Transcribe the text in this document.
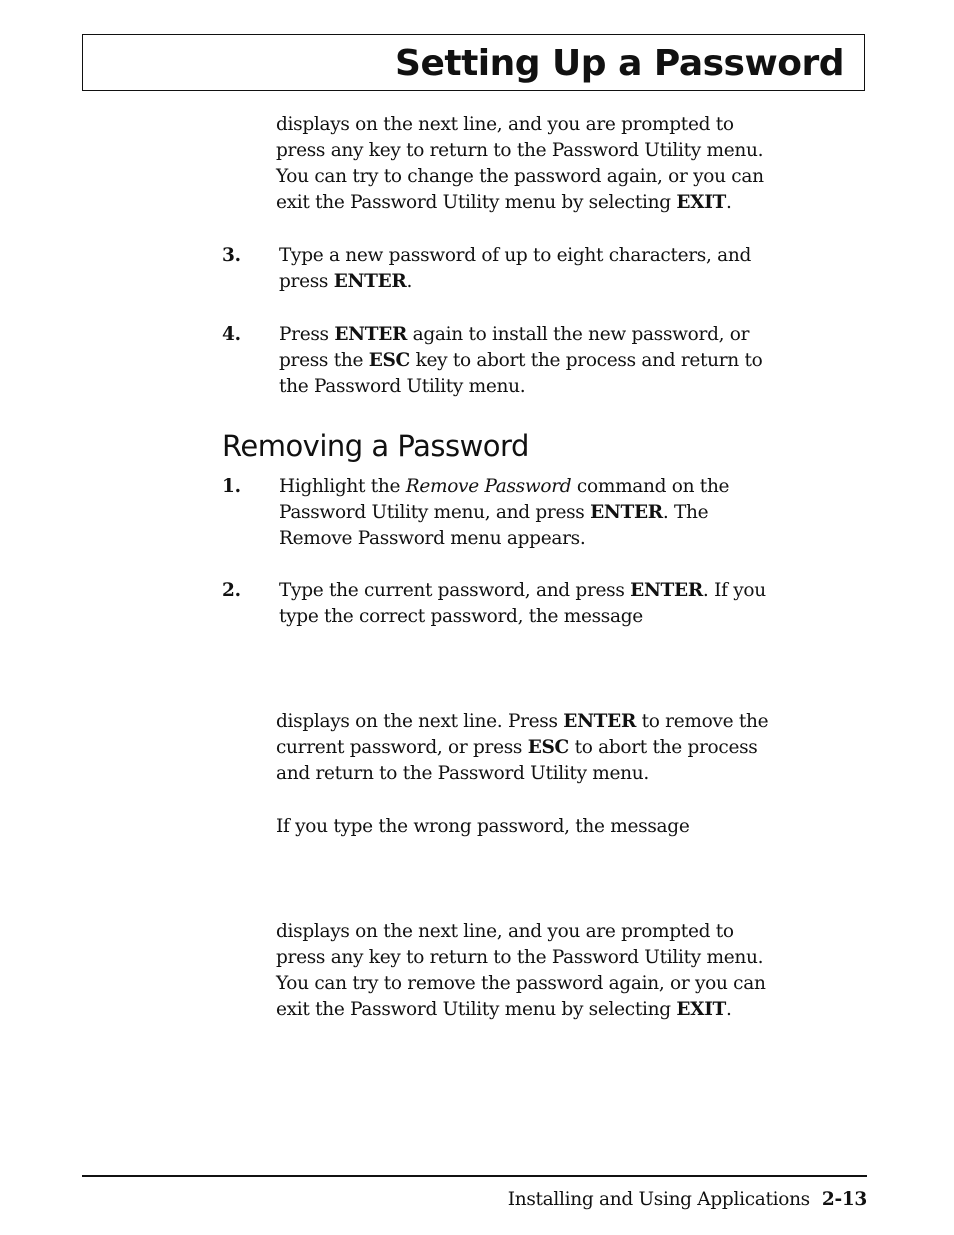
Setting Up a Password
displays on the next line, and you are prompted to
press any key to return to the Password Utility menu.
You can try to change the password again, or you can
exit the Password Utility menu by selecting EXIT.
3. Type a new password of up to eight characters, and
press ENTER.
4. Press ENTER again to install the new password, or
press the ESC key to abort the process and return to
the Password Utility menu.
Removing a Password
1. Highlight the Remove Password command on the
Password Utility menu, and press ENTER. The
Remove Password menu appears.
2. Type the current password, and press ENTER. If you
type the correct password, the message
displays on the next line. Press ENTER to remove the
current password, or press ESC to abort the process
and return to the Password Utility menu.
If you type the wrong password, the message
displays on the next line, and you are prompted to
press any key to return to the Password Utility menu.
You can try to remove the password again, or you can
exit the Password Utility menu by selecting EXIT.
Installing and Using Applications 2-13
